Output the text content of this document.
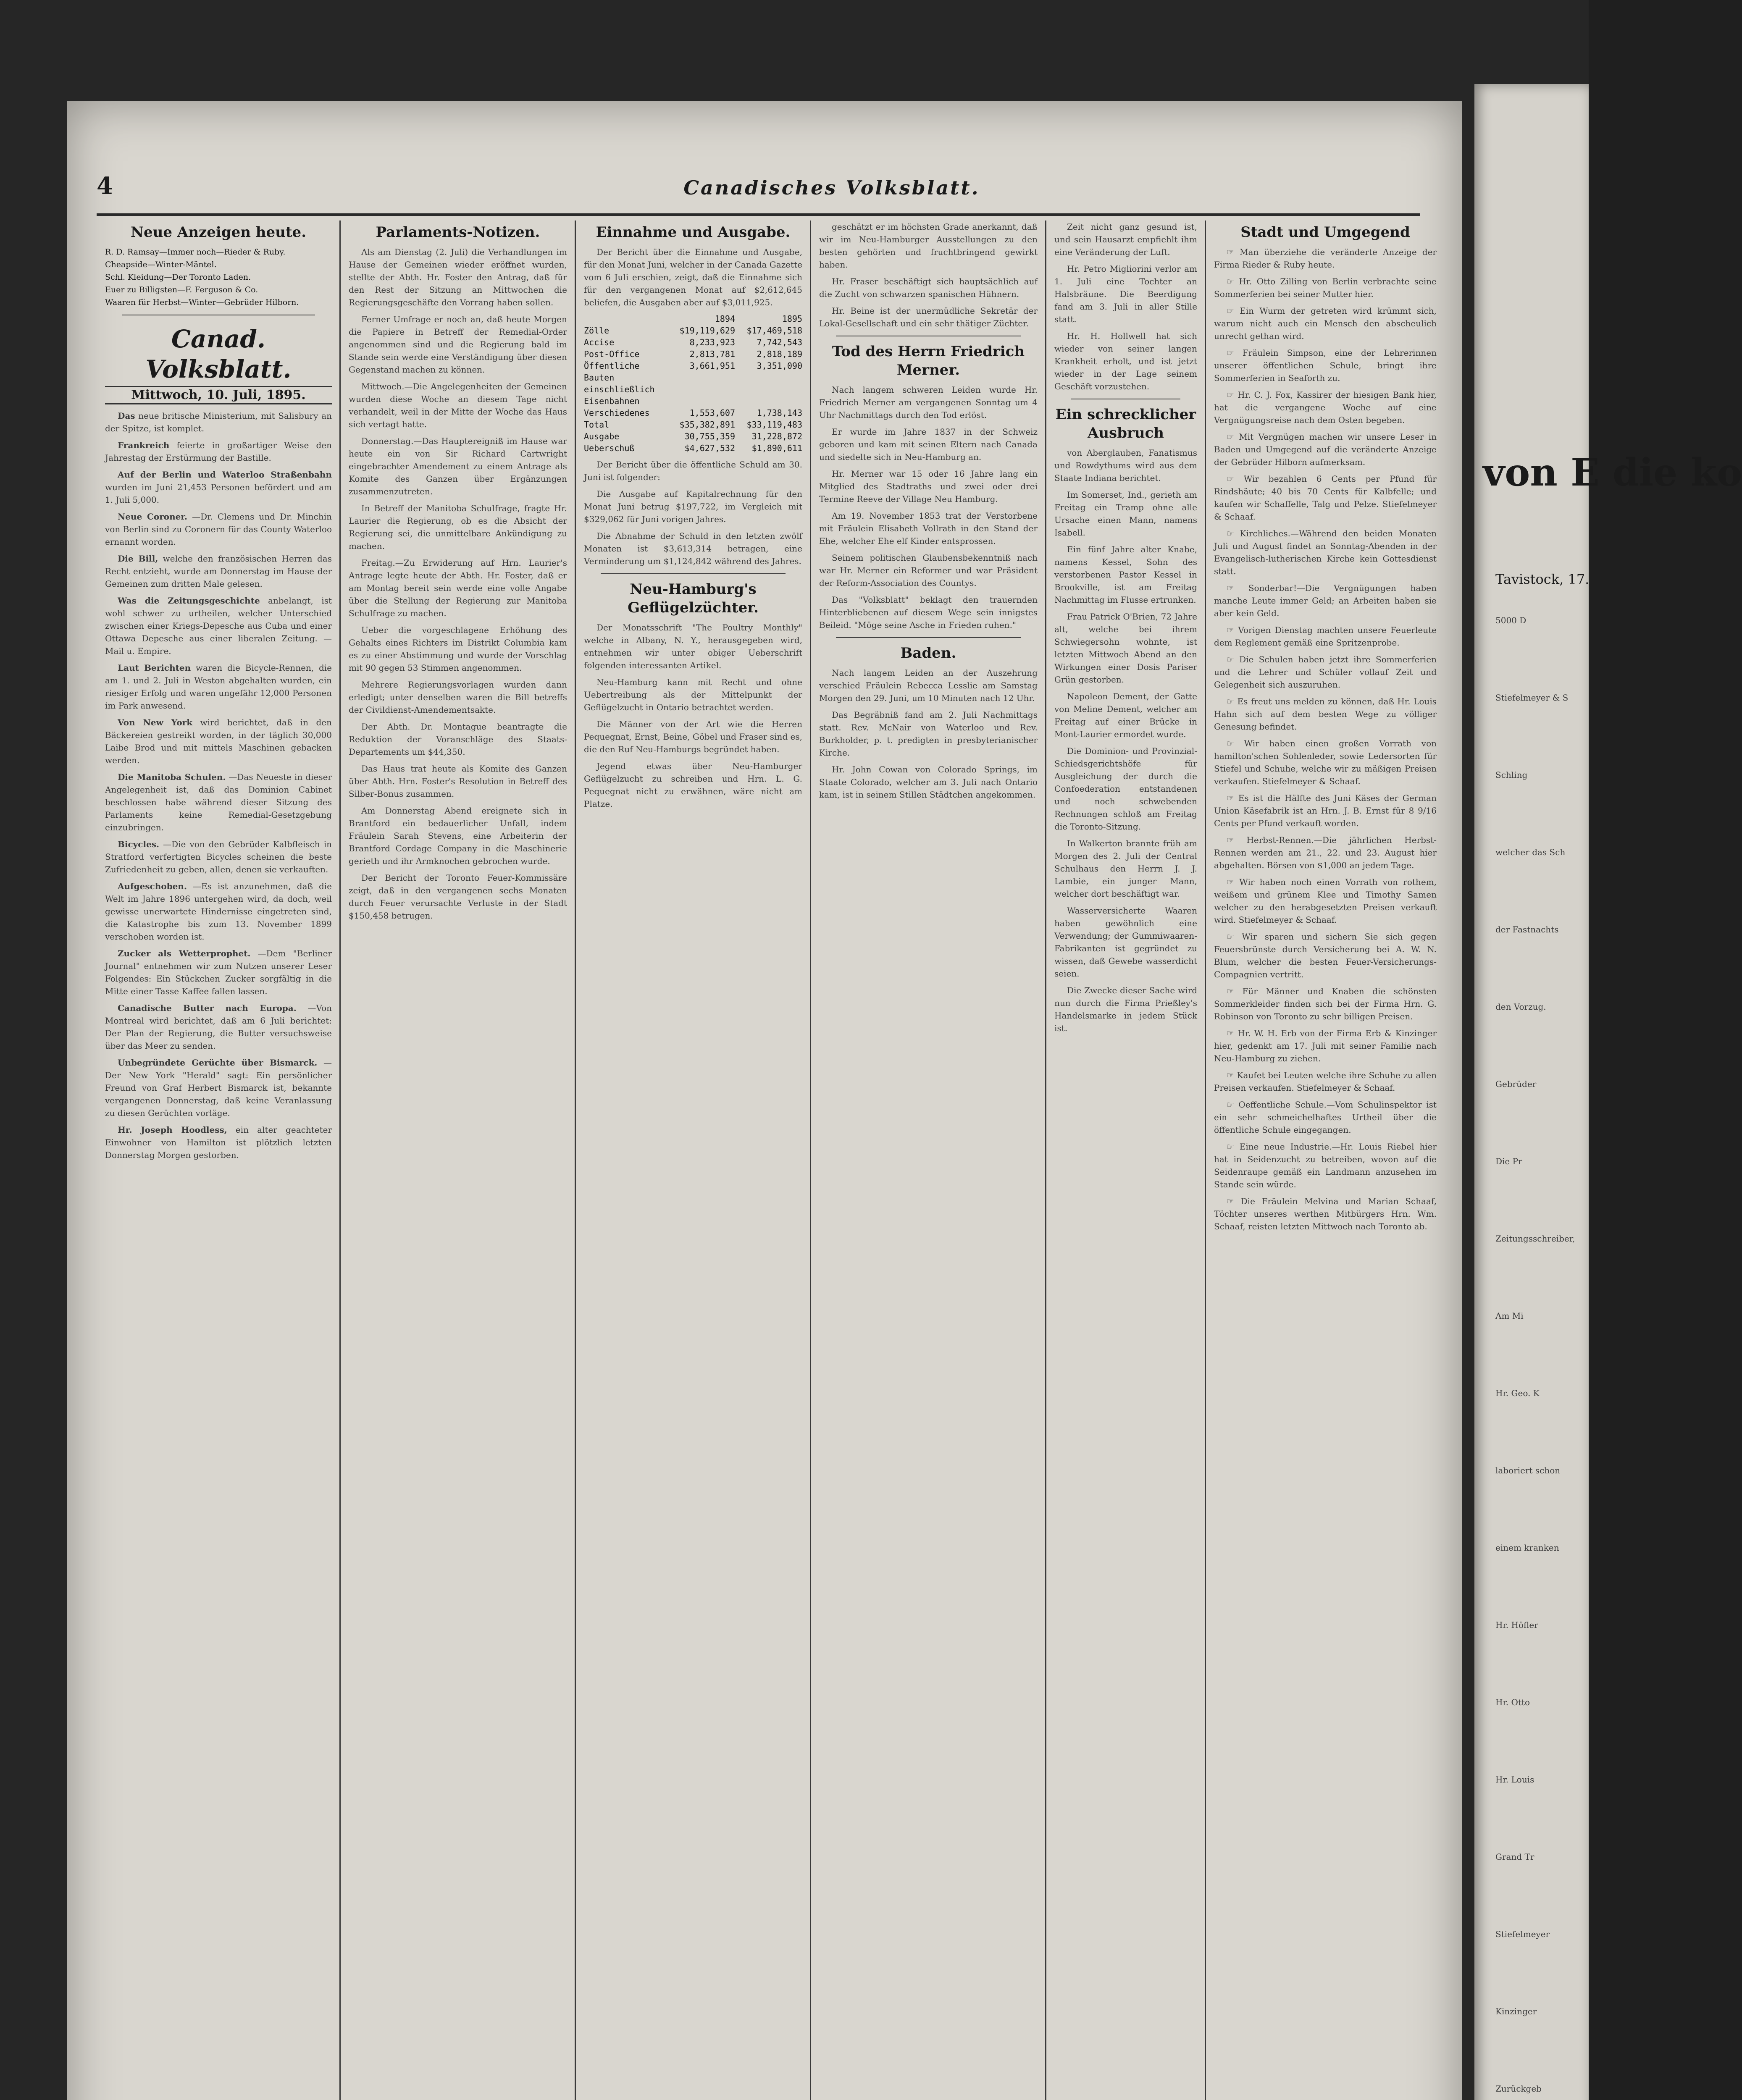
4	Canadisches Volksblatt.
Neue Anzeigen heute.
R. D. Ramsay—Immer noch—Rieder & Ruby.
Cheapside—Winter-Mäntel.
Schl. Kleidung—Der Toronto Laden.
Euer zu Billigsten—F. Ferguson & Co.
Waaren für Herbst—Winter—Gebrüder Hilborn.
Canad. Volksblatt.
Mittwoch, 10. Juli, 1895.

Das neue britische Ministerium, mit Salisbury an der Spitze, ist komplet.

Frankreich feierte in großartiger Weise den Jahrestag der Erstürmung der Bastille.

Auf der Berlin und Waterloo Straßenbahn wurden im Juni 21,453 Personen befördert und am 1. Juli 5,000.

Neue Coroner. —Dr. Clemens und Dr. Minchin von Berlin sind zu Coronern für das County Waterloo ernannt worden.

Die Bill, welche den französischen Herren das Recht entzieht, wurde am Donnerstag im Hause der Gemeinen zum dritten Male gelesen.

Was die Zeitungsgeschichte anbelangt, ist wohl schwer zu urtheilen, welcher Unterschied zwischen einer Kriegs-Depesche aus Cuba und einer Ottawa Depesche aus einer liberalen Zeitung. — Mail u. Empire.

Laut Berichten waren die Bicycle-Rennen, die am 1. und 2. Juli in Weston abgehalten wurden, ein riesiger Erfolg und waren ungefähr 12,000 Personen im Park anwesend.

Von New York wird berichtet, daß in den Bäckereien gestreikt worden, in der täglich 30,000 Laibe Brod und mit mittels Maschinen gebacken werden.

Die Manitoba Schulen. —Das Neueste in dieser Angelegenheit ist, daß das Dominion Cabinet beschlossen habe während dieser Sitzung des Parlaments keine Remedial-Gesetzgebung einzubringen.

Bicycles. —Die von den Gebrüder Kalbfleisch in Stratford verfertigten Bicycles scheinen die beste Zufriedenheit zu geben, allen, denen sie verkauften.

Aufgeschoben. —Es ist anzunehmen, daß die Welt im Jahre 1896 untergehen wird, da doch, weil gewisse unerwartete Hindernisse eingetreten sind, die Katastrophe bis zum 13. November 1899 verschoben worden ist.

Zucker als Wetterprophet. —Dem "Berliner Journal" entnehmen wir zum Nutzen unserer Leser Folgendes: Ein Stückchen Zucker sorgfältig in die Mitte einer Tasse Kaffee fallen lassen.

Canadische Butter nach Europa. —Von Montreal wird berichtet, daß am 6 Juli berichtet: Der Plan der Regierung, die Butter versuchsweise über das Meer zu senden.

Unbegründete Gerüchte über Bismarck. —Der New York "Herald" sagt: Ein persönlicher Freund von Graf Herbert Bismarck ist, bekannte vergangenen Donnerstag, daß keine Veranlassung zu diesen Gerüchten vorläge.

Hr. Joseph Hoodless, ein alter geachteter Einwohner von Hamilton ist plötzlich letzten Donnerstag Morgen gestorben.

Parlaments-Notizen.

Als am Dienstag (2. Juli) die Verhandlungen im Hause der Gemeinen wieder eröffnet wurden, stellte der Abth. Hr. Foster den Antrag, daß für den Rest der Sitzung an Mittwochen die Regierungsgeschäfte den Vorrang haben sollen.

Ferner Umfrage er noch an, daß heute Morgen die Papiere in Betreff der Remedial-Order angenommen sind und die Regierung bald im Stande sein werde eine Verständigung über diesen Gegenstand machen zu können.

Mittwoch.—Die Angelegenheiten der Gemeinen wurden diese Woche an diesem Tage nicht verhandelt, weil in der Mitte der Woche das Haus sich vertagt hatte.

Donnerstag.—Das Hauptereigniß im Hause war heute ein von Sir Richard Cartwright eingebrachter Amendement zu einem Antrage als Komite des Ganzen über Ergänzungen zusammenzutreten.

In Betreff der Manitoba Schulfrage, fragte Hr. Laurier die Regierung, ob es die Absicht der Regierung sei, die unmittelbare Ankündigung zu machen.

Freitag.—Zu Erwiderung auf Hrn. Laurier's Antrage legte heute der Abth. Hr. Foster, daß er am Montag bereit sein werde eine volle Angabe über die Stellung der Regierung zur Manitoba Schulfrage zu machen.

Ueber die vorgeschlagene Erhöhung des Gehalts eines Richters im Distrikt Columbia kam es zu einer Abstimmung und wurde der Vorschlag mit 90 gegen 53 Stimmen angenommen.

Mehrere Regierungsvorlagen wurden dann erledigt; unter denselben waren die Bill betreffs der Civildienst-Amendementsakte.

Der Abth. Dr. Montague beantragte die Reduktion der Voranschläge des Staats-Departements um $44,350.

Das Haus trat heute als Komite des Ganzen über Abth. Hrn. Foster's Resolution in Betreff des Silber-Bonus zusammen.

Am Donnerstag Abend ereignete sich in Brantford ein bedauerlicher Unfall, indem Fräulein Sarah Stevens, eine Arbeiterin der Brantford Cordage Company in die Maschinerie gerieth und ihr Armknochen gebrochen wurde.

Der Bericht der Toronto Feuer-Kommissäre zeigt, daß in den vergangenen sechs Monaten durch Feuer verursachte Verluste in der Stadt $150,458 betrugen.

Einnahme und Ausgabe.

Der Bericht über die Einnahme und Ausgabe, für den Monat Juni, welcher in der Canada Gazette vom 6 Juli erschien, zeigt, daß die Einnahme sich für den vergangenen Monat auf $2,612,645 beliefen, die Ausgaben aber auf $3,011,925.

1894	1895
Zölle	$19,119,629	$17,469,518
Accise	8,233,923	7,742,543
Post-Office	2,813,781	2,818,189
Öffentliche Bauten einschließlich Eisenbahnen
3,661,951	3,351,090
Verschiedenes	1,553,607	1,738,143
Total	$35,382,891	$33,119,483
Ausgabe	30,755,359	31,228,872
Ueberschuß	$4,627,532	$1,890,611

Der Bericht über die öffentliche Schuld am 30. Juni ist folgender:

Die Ausgabe auf Kapitalrechnung für den Monat Juni betrug $197,722, im Vergleich mit $329,062 für Juni vorigen Jahres.

Die Abnahme der Schuld in den letzten zwölf Monaten ist $3,613,314 betragen, eine Verminderung um $1,124,842 während des Jahres.

Neu-Hamburg's Geflügelzüchter.

Der Monatsschrift "The Poultry Monthly" welche in Albany, N. Y., herausgegeben wird, entnehmen wir unter obiger Ueberschrift folgenden interessanten Artikel.

Neu-Hamburg kann mit Recht und ohne Uebertreibung als der Mittelpunkt der Geflügelzucht in Ontario betrachtet werden.

Die Männer von der Art wie die Herren Pequegnat, Ernst, Beine, Göbel und Fraser sind es, die den Ruf Neu-Hamburgs begründet haben.

Jegend etwas über Neu-Hamburger Geflügelzucht zu schreiben und Hrn. L. G. Pequegnat nicht zu erwähnen, wäre nicht am Platze.

geschätzt er im höchsten Grade anerkannt, daß wir im Neu-Hamburger Ausstellungen zu den besten gehörten und fruchtbringend gewirkt haben.

Hr. Fraser beschäftigt sich hauptsächlich auf die Zucht von schwarzen spanischen Hühnern.

Hr. Beine ist der unermüdliche Sekretär der Lokal-Gesellschaft und ein sehr thätiger Züchter.

Tod des Herrn Friedrich Merner.

Nach langem schweren Leiden wurde Hr. Friedrich Merner am vergangenen Sonntag um 4 Uhr Nachmittags durch den Tod erlöst.

Er wurde im Jahre 1837 in der Schweiz geboren und kam mit seinen Eltern nach Canada und siedelte sich in Neu-Hamburg an.

Hr. Merner war 15 oder 16 Jahre lang ein Mitglied des Stadtraths und zwei oder drei Termine Reeve der Village Neu Hamburg.

Am 19. November 1853 trat der Verstorbene mit Fräulein Elisabeth Vollrath in den Stand der Ehe, welcher Ehe elf Kinder entsprossen.

Seinem politischen Glaubensbekenntniß nach war Hr. Merner ein Reformer und war Präsident der Reform-Association des Countys.

Das "Volksblatt" beklagt den trauernden Hinterbliebenen auf diesem Wege sein innigstes Beileid. "Möge seine Asche in Frieden ruhen."

Baden.

Nach langem Leiden an der Auszehrung verschied Fräulein Rebecca Lesslie am Samstag Morgen den 29. Juni, um 10 Minuten nach 12 Uhr.

Das Begräbniß fand am 2. Juli Nachmittags statt. Rev. McNair von Waterloo und Rev. Burkholder, p. t. predigten in presbyterianischer Kirche.

Hr. John Cowan von Colorado Springs, im Staate Colorado, welcher am 3. Juli nach Ontario kam, ist in seinem Stillen Städtchen angekommen.

Zeit nicht ganz gesund ist, und sein Hausarzt empfiehlt ihm eine Veränderung der Luft.

Hr. Petro Migliorini verlor am 1. Juli eine Tochter an Halsbräune. Die Beerdigung fand am 3. Juli in aller Stille statt.

Hr. H. Hollwell hat sich wieder von seiner langen Krankheit erholt, und ist jetzt wieder in der Lage seinem Geschäft vorzustehen.

Ein schrecklicher Ausbruch

von Aberglauben, Fanatismus und Rowdythums wird aus dem Staate Indiana berichtet.

Im Somerset, Ind., gerieth am Freitag ein Tramp ohne alle Ursache einen Mann, namens Isabell.

Ein fünf Jahre alter Knabe, namens Kessel, Sohn des verstorbenen Pastor Kessel in Brookville, ist am Freitag Nachmittag im Flusse ertrunken.

Frau Patrick O'Brien, 72 Jahre alt, welche bei ihrem Schwiegersohn wohnte, ist letzten Mittwoch Abend an den Wirkungen einer Dosis Pariser Grün gestorben.

Napoleon Dement, der Gatte von Meline Dement, welcher am Freitag auf einer Brücke in Mont-Laurier ermordet wurde.

Die Dominion- und Provinzial-Schiedsgerichtshöfe für Ausgleichung der durch die Confoederation entstandenen und noch schwebenden Rechnungen schloß am Freitag die Toronto-Sitzung.

In Walkerton brannte früh am Morgen des 2. Juli der Central Schulhaus den Herrn J. J. Lambie, ein junger Mann, welcher dort beschäftigt war.

Wasserversicherte Waaren haben gewöhnlich eine Verwendung; der Gummiwaaren-Fabrikanten ist gegründet zu wissen, daß Gewebe wasserdicht seien.

Die Zwecke dieser Sache wird nun durch die Firma Prießley's Handelsmarke in jedem Stück ist.

Stadt und Umgegend

☞ Man überziehe die veränderte Anzeige der Firma Rieder & Ruby heute.

☞ Hr. Otto Zilling von Berlin verbrachte seine Sommerferien bei seiner Mutter hier.

☞ Ein Wurm der getreten wird krümmt sich, warum nicht auch ein Mensch den abscheulich unrecht gethan wird.

☞ Fräulein Simpson, eine der Lehrerinnen unserer öffentlichen Schule, bringt ihre Sommerferien in Seaforth zu.

☞ Hr. C. J. Fox, Kassirer der hiesigen Bank hier, hat die vergangene Woche auf eine Vergnügungsreise nach dem Osten begeben.

☞ Mit Vergnügen machen wir unsere Leser in Baden und Umgegend auf die veränderte Anzeige der Gebrüder Hilborn aufmerksam.

☞ Wir bezahlen 6 Cents per Pfund für Rindshäute; 40 bis 70 Cents für Kalbfelle; und kaufen wir Schaffelle, Talg und Pelze. Stiefelmeyer & Schaaf.

☞ Kirchliches.—Während den beiden Monaten Juli und August findet an Sonntag-Abenden in der Evangelisch-lutherischen Kirche kein Gottesdienst statt.

☞ Sonderbar!—Die Vergnügungen haben manche Leute immer Geld; an Arbeiten haben sie aber kein Geld.

☞ Vorigen Dienstag machten unsere Feuerleute dem Reglement gemäß eine Spritzenprobe.

☞ Die Schulen haben jetzt ihre Sommerferien und die Lehrer und Schüler vollauf Zeit und Gelegenheit sich auszuruhen.

☞ Es freut uns melden zu können, daß Hr. Louis Hahn sich auf dem besten Wege zu völliger Genesung befindet.

☞ Wir haben einen großen Vorrath von hamilton'schen Sohlenleder, sowie Ledersorten für Stiefel und Schuhe, welche wir zu mäßigen Preisen verkaufen. Stiefelmeyer & Schaaf.

☞ Es ist die Hälfte des Juni Käses der German Union Käsefabrik ist an Hrn. J. B. Ernst für 8 9/16 Cents per Pfund verkauft worden.

☞ Herbst-Rennen.—Die jährlichen Herbst-Rennen werden am 21., 22. und 23. August hier abgehalten. Börsen von $1,000 an jedem Tage.

☞ Wir haben noch einen Vorrath von rothem, weißem und grünem Klee und Timothy Samen welcher zu den herabgesetzten Preisen verkauft wird. Stiefelmeyer & Schaaf.

☞ Wir sparen und sichern Sie sich gegen Feuersbrünste durch Versicherung bei A. W. N. Blum, welcher die besten Feuer-Versicherungs-Compagnien vertritt.

☞ Für Männer und Knaben die schönsten Sommerkleider finden sich bei der Firma Hrn. G. Robinson von Toronto zu sehr billigen Preisen.

☞ Hr. W. H. Erb von der Firma Erb & Kinzinger hier, gedenkt am 17. Juli mit seiner Familie nach Neu-Hamburg zu ziehen.

☞ Kaufet bei Leuten welche ihre Schuhe zu allen Preisen verkaufen. Stiefelmeyer & Schaaf.

☞ Oeffentliche Schule.—Vom Schulinspektor ist ein sehr schmeichelhaftes Urtheil über die öffentliche Schule eingegangen.

☞ Eine neue Industrie.—Hr. Louis Riebel hier hat in Seidenzucht zu betreiben, wovon auf die Seidenraupe gemäß ein Landmann anzusehen im Stande sein würde.

☞ Die Fräulein Melvina und Marian Schaaf, Töchter unseres werthen Mitbürgers Hrn. Wm. Schaaf, reisten letzten Mittwoch nach Toronto ab.

von E die ko
Tavistock, 17.
5000 D
Stiefelmeyer & S
Schling
welcher das Sch
der Fastnachts
den Vorzug.
Gebrüder
Die Pr
Zeitungsschreiber,
Am Mi
Hr. Geo. K
laboriert schon
einem kranken
Hr. Höfler
Hr. Otto
Hr. Louis
Grand Tr
Stiefelmeyer
Kinzinger
Zurückgeb
